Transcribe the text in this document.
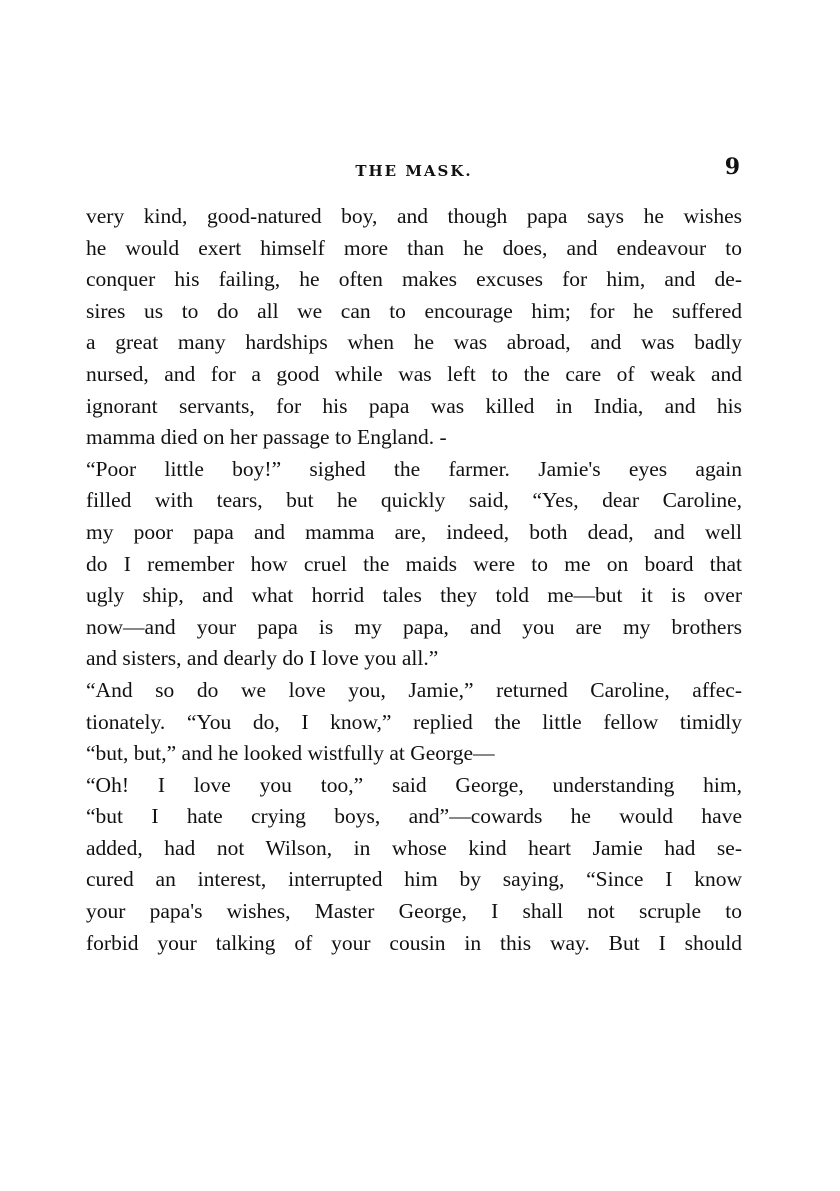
THE MASK.	9
very kind, good-natured boy, and though papa says he wishes
he would exert himself more than he does, and endeavour to
conquer his failing, he often makes excuses for him, and de-
sires us to do all we can to encourage him; for he suffered
a great many hardships when he was abroad, and was badly
nursed, and for a good while was left to the care of weak and
ignorant servants, for his papa was killed in India, and his
mamma died on her passage to England. -
“Poor little boy!” sighed the farmer. Jamie's eyes again
filled with tears, but he quickly said, “Yes, dear Caroline,
my poor papa and mamma are, indeed, both dead, and well
do I remember how cruel the maids were to me on board that
ugly ship, and what horrid tales they told me—but it is over
now—and your papa is my papa, and you are my brothers
and sisters, and dearly do I love you all.”
“And so do we love you, Jamie,” returned Caroline, affec-
tionately. “You do, I know,” replied the little fellow timidly
“but, but,” and he looked wistfully at George—
“Oh! I love you too,” said George, understanding him,
“but I hate crying boys, and”—cowards he would have
added, had not Wilson, in whose kind heart Jamie had se-
cured an interest, interrupted him by saying, “Since I know
your papa's wishes, Master George, I shall not scruple to
forbid your talking of your cousin in this way. But I should
